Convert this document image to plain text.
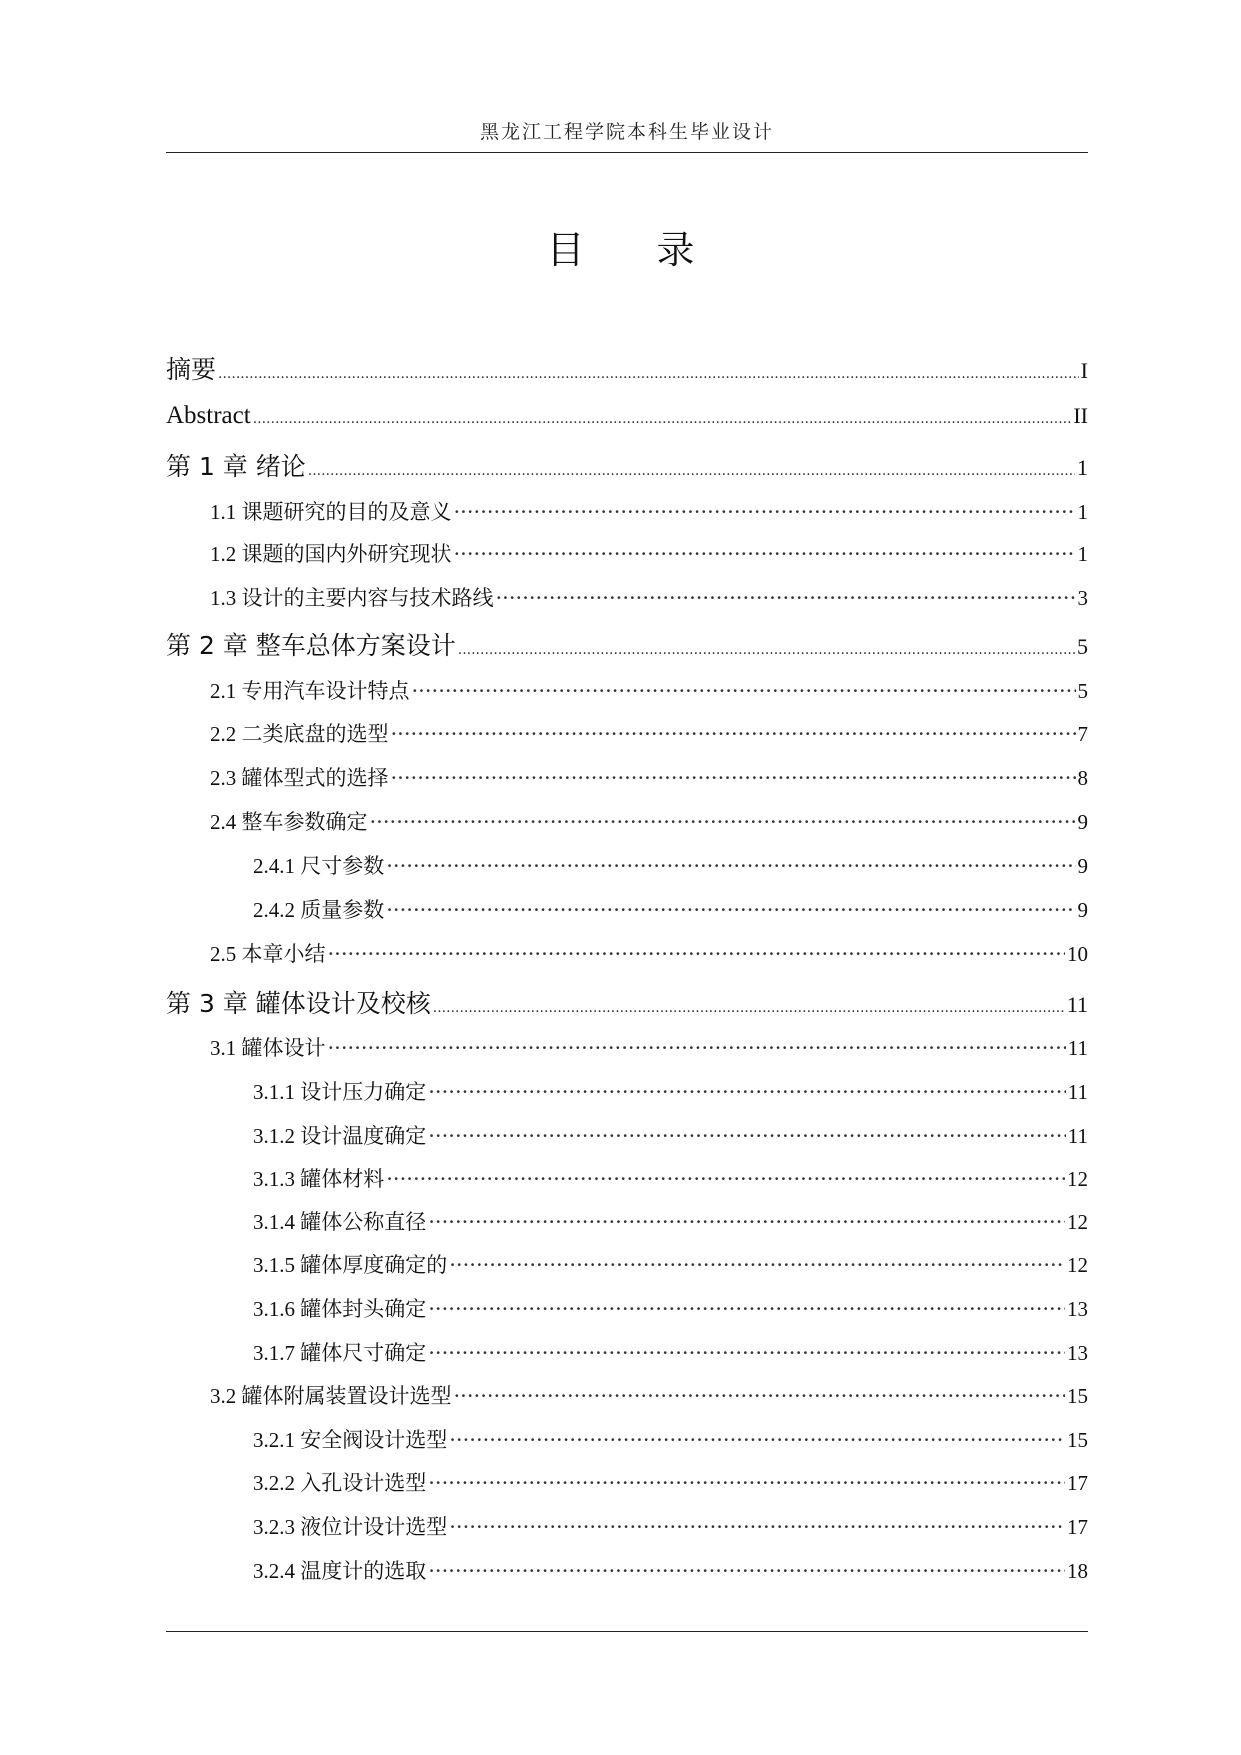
黑龙江工程学院本科生毕业设计
目 录
摘要 .....	I
Abstract .....	II
第 1 章 绪论 .....	1
1.1 课题研究的目的及意义 ·····	1
1.2 课题的国内外研究现状 ·····	1
1.3 设计的主要内容与技术路线 ·····	3
第 2 章 整车总体方案设计 .....	5
2.1 专用汽车设计特点 ·····	5
2.2 二类底盘的选型 ·····	7
2.3 罐体型式的选择 ·····	8
2.4 整车参数确定 ·····	9
2.4.1 尺寸参数 ·····	9
2.4.2 质量参数 ·····	9
2.5 本章小结 ·····	10
第 3 章 罐体设计及校核 .....	11
3.1 罐体设计 ·····	11
3.1.1 设计压力确定 ·····	11
3.1.2 设计温度确定 ·····	11
3.1.3 罐体材料 ·····	12
3.1.4 罐体公称直径 ·····	12
3.1.5 罐体厚度确定的 ·····	12
3.1.6 罐体封头确定 ·····	13
3.1.7 罐体尺寸确定 ·····	13
3.2 罐体附属装置设计选型 ·····	15
3.2.1 安全阀设计选型 ·····	15
3.2.2 入孔设计选型 ·····	17
3.2.3 液位计设计选型 ·····	17
3.2.4 温度计的选取 ·····	18
